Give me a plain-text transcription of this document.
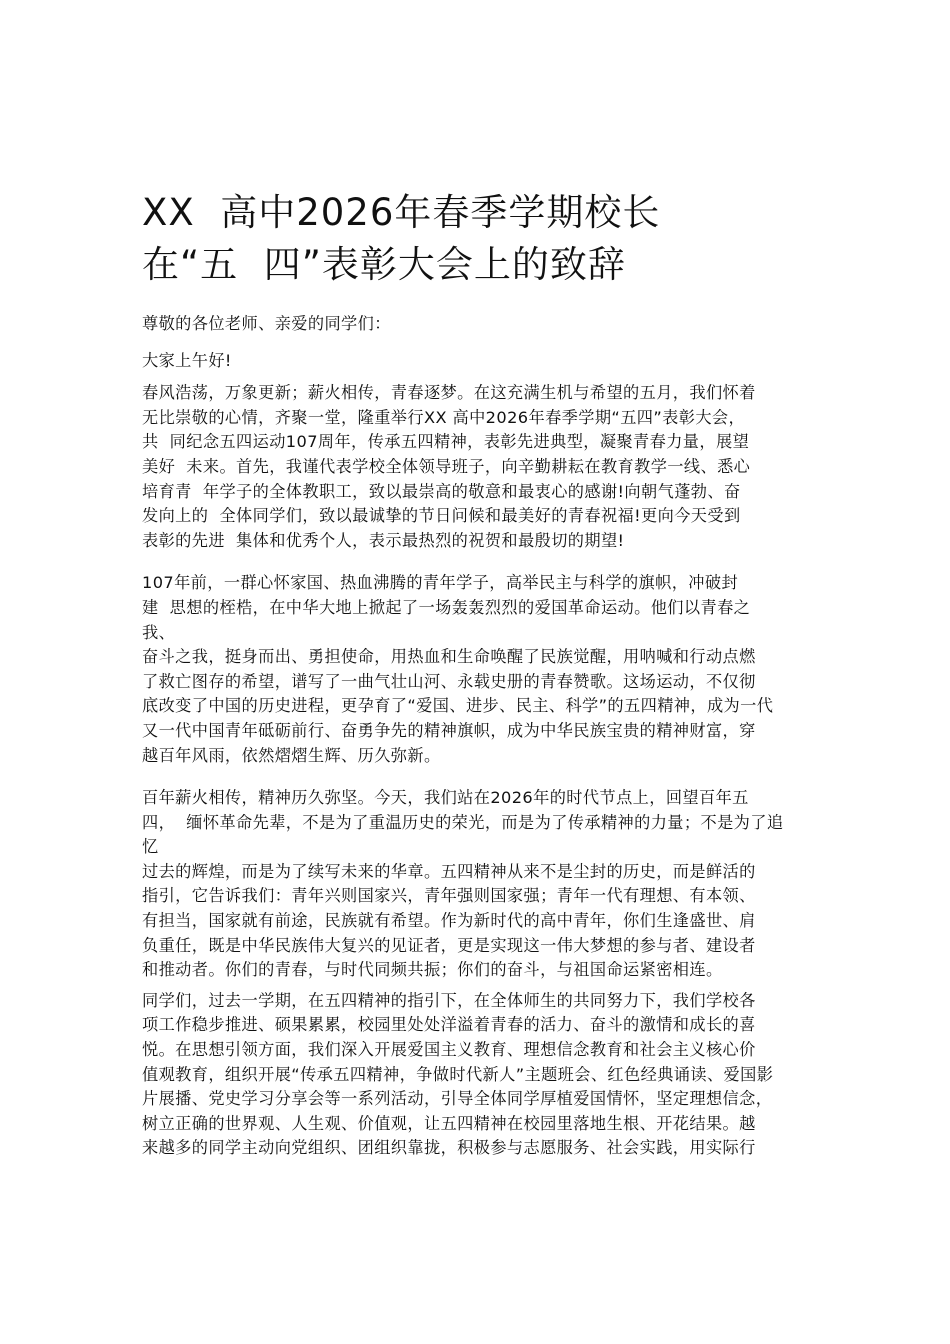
XX  高中2026年春季学期校长
在“五  四”表彰大会上的致辞

尊敬的各位老师、亲爱的同学们：

大家上午好!

春风浩荡，万象更新；薪火相传，青春逐梦。在这充满生机与希望的五月，我们怀着
无比崇敬的心情，齐聚一堂，隆重举行XX 高中2026年春季学期“五四”表彰大会，
共  同纪念五四运动107周年，传承五四精神，表彰先进典型，凝聚青春力量，展望
美好  未来。首先，我谨代表学校全体领导班子，向辛勤耕耘在教育教学一线、悉心
培育青  年学子的全体教职工，致以最崇高的敬意和最衷心的感谢!向朝气蓬勃、奋
发向上的  全体同学们，致以最诚挚的节日问候和最美好的青春祝福!更向今天受到
表彰的先进  集体和优秀个人，表示最热烈的祝贺和最殷切的期望!

107年前，一群心怀家国、热血沸腾的青年学子，高举民主与科学的旗帜，冲破封
建  思想的桎梏，在中华大地上掀起了一场轰轰烈烈的爱国革命运动。他们以青春之
我、
奋斗之我，挺身而出、勇担使命，用热血和生命唤醒了民族觉醒，用呐喊和行动点燃
了救亡图存的希望，谱写了一曲气壮山河、永载史册的青春赞歌。这场运动，不仅彻
底改变了中国的历史进程，更孕育了“爱国、进步、民主、科学”的五四精神，成为一代
又一代中国青年砥砺前行、奋勇争先的精神旗帜，成为中华民族宝贵的精神财富，穿
越百年风雨，依然熠熠生辉、历久弥新。

百年薪火相传，精神历久弥坚。今天，我们站在2026年的时代节点上，回望百年五
四，  缅怀革命先辈，不是为了重温历史的荣光，而是为了传承精神的力量；不是为了追
忆
过去的辉煌，而是为了续写未来的华章。五四精神从来不是尘封的历史，而是鲜活的
指引，它告诉我们：青年兴则国家兴，青年强则国家强；青年一代有理想、有本领、
有担当，国家就有前途，民族就有希望。作为新时代的高中青年，你们生逢盛世、肩
负重任，既是中华民族伟大复兴的见证者，更是实现这一伟大梦想的参与者、建设者
和推动者。你们的青春，与时代同频共振；你们的奋斗，与祖国命运紧密相连。

同学们，过去一学期，在五四精神的指引下，在全体师生的共同努力下，我们学校各
项工作稳步推进、硕果累累，校园里处处洋溢着青春的活力、奋斗的激情和成长的喜
悦。在思想引领方面，我们深入开展爱国主义教育、理想信念教育和社会主义核心价
值观教育，组织开展“传承五四精神，争做时代新人”主题班会、红色经典诵读、爱国影
片展播、党史学习分享会等一系列活动，引导全体同学厚植爱国情怀，坚定理想信念，
树立正确的世界观、人生观、价值观，让五四精神在校园里落地生根、开花结果。越
来越多的同学主动向党组织、团组织靠拢，积极参与志愿服务、社会实践，用实际行
